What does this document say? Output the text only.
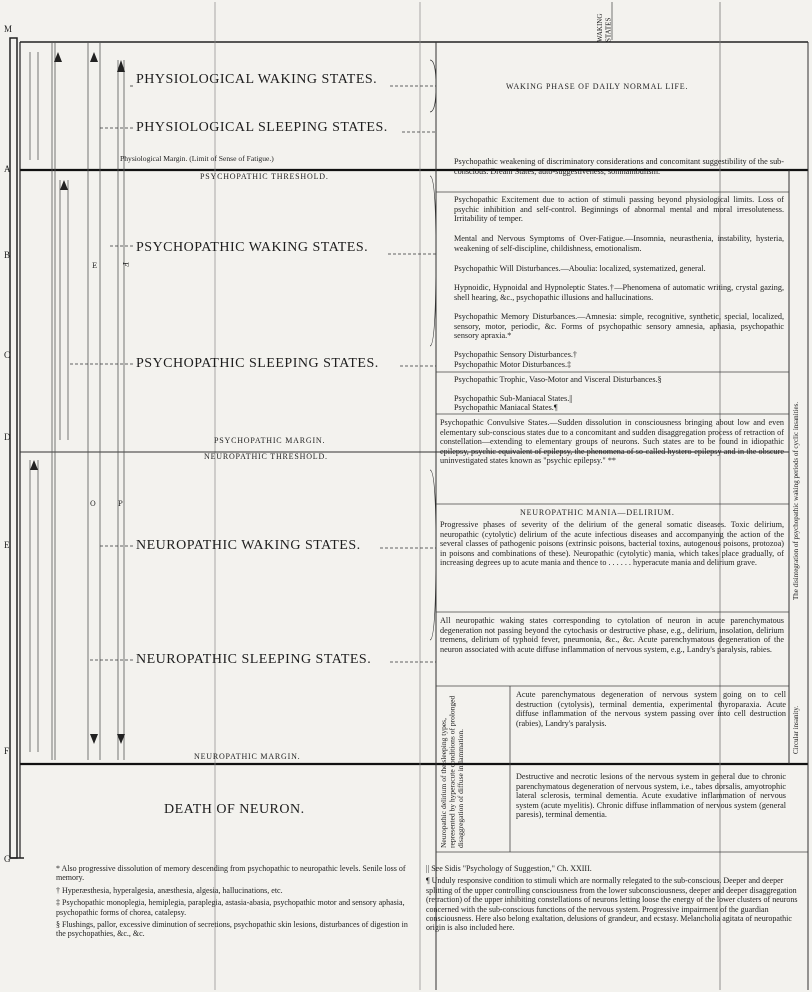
WAKING STATES
M
A
B
C
D
E
F
G
F
E
P
O
PHYSIOLOGICAL WAKING STATES.
PHYSIOLOGICAL SLEEPING STATES.
Physiological Margin. (Limit of Sense of Fatigue.)
PSYCHOPATHIC THRESHOLD.
PSYCHOPATHIC WAKING STATES.
PSYCHOPATHIC SLEEPING STATES.
PSYCHOPATHIC MARGIN.
NEUROPATHIC THRESHOLD.
NEUROPATHIC WAKING STATES.
NEUROPATHIC SLEEPING STATES.
NEUROPATHIC MARGIN.
DEATH OF NEURON.
WAKING PHASE OF DAILY NORMAL LIFE.

Psychopathic weakening of discriminatory considerations and concomitant suggestibility of the sub-conscious. Dream States, auto-suggestiveness, somnambulism.

Psychopathic Excitement due to action of stimuli passing beyond physiological limits. Loss of psychic inhibition and self-control. Beginnings of abnormal mental and moral irresoluteness. Irritability of temper.

Mental and Nervous Symptoms of Over-Fatigue.—Insomnia, neurasthenia, instability, hysteria, weakening of self-discipline, childishness, emotionalism.

Psychopathic Will Disturbances.—Aboulia: localized, systematized, general.

Hypnoidic, Hypnoidal and Hypnoleptic States.†—Phenomena of automatic writing, crystal gazing, shell hearing, &c., psychopathic illusions and hallucinations.

Psychopathic Memory Disturbances.—Amnesia: simple, recognitive, synthetic, special, localized, sensory, motor, periodic, &c. Forms of psychopathic sensory amnesia, aphasia, psychopathic sensory apraxia.*

Psychopathic Sensory Disturbances.†

Psychopathic Motor Disturbances.‡

Psychopathic Trophic, Vaso-Motor and Visceral Disturbances.§

Psychopathic Sub-Maniacal States.||

Psychopathic Maniacal States.¶

Psychopathic Convulsive States.—Sudden dissolution in consciousness bringing about low and even elementary sub-conscious states due to a concomitant and sudden disaggregation process of retraction of constellation—extending to elementary groups of neurons. Such states are to be found in idiopathic epilepsy, psychic equivalent of epilepsy, the phenomena of so-called hystero-epilepsy and in the obscure uninvestigated states known as "psychic epilepsy." **

NEUROPATHIC MANIA—DELIRIUM.

Progressive phases of severity of the delirium of the general somatic diseases. Toxic delirium, neuropathic (cytolytic) delirium of the acute infectious diseases and accompanying the action of the several classes of pathogenic poisons (extrinsic poisons, bacterial toxins, autogenous poisons, protozoa) in poisons and combinations of these). Neuropathic (cytolytic) mania, which takes place gradually, of increasing degrees up to acute mania and thence to . . . . . . hyperacute mania and delirium grave.

All neuropathic waking states corresponding to cytolation of neuron in acute parenchymatous degeneration not passing beyond the cytochasis or destructive phase, e.g., delirium, insolation, delirium tremens, delirium of typhoid fever, pneumonia, &c., &c. Acute parenchymatous degeneration of the neuron associated with acute diffuse inflammation of nervous system, e.g., Landry's paralysis, rabies.

Neuropathic delirium of the sleeping types, represented by hyperacute conditions of prolonged disaggregation of diffuse inflammation.

Acute parenchymatous degeneration of nervous system going on to cell destruction (cytolysis), terminal dementia, experimental thyroparaxia. Acute diffuse inflammation of the nervous system passing over into cell destruction (rabies), Landry's paralysis.

Destructive and necrotic lesions of the nervous system in general due to chronic parenchymatous degeneration of nervous system, i.e., tabes dorsalis, amyotrophic lateral sclerosis, terminal dementia. Acute exudative inflammation of nervous system (acute myelitis). Chronic diffuse inflammation of nervous system (general paresis), terminal dementia.

The disintegration of psychopathic waking periods of cyclic insanities.
Circular insanity.

* Also progressive dissolution of memory descending from psychopathic to neuropathic levels. Senile loss of memory.

† Hyperæsthesia, hyperalgesia, anæsthesia, algesia, hallucinations, etc.

‡ Psychopathic monoplegia, hemiplegia, paraplegia, astasia-abasia, psychopathic motor and sensory aphasia, psychopathic forms of chorea, catalepsy.

§ Flushings, pallor, excessive diminution of secretions, psychopathic skin lesions, disturbances of digestion in the psychopathies, &c., &c.

|| See Sidis "Psychology of Suggestion," Ch. XXIII.

¶ Unduly responsive condition to stimuli which are normally relegated to the sub-conscious. Deeper and deeper splitting of the upper controlling consciousness from the lower subconsciousness, deeper and deeper disaggregation (retraction) of the upper inhibiting constellations of neurons letting loose the energy of the lower clusters of neurons concerned with the sub-conscious functions of the nervous system. Progressive impairment of the guardian consciousness. Here also belong exaltation, delusions of grandeur, and ecstasy. Melancholia agitata of neuropathic origin is also included here.
